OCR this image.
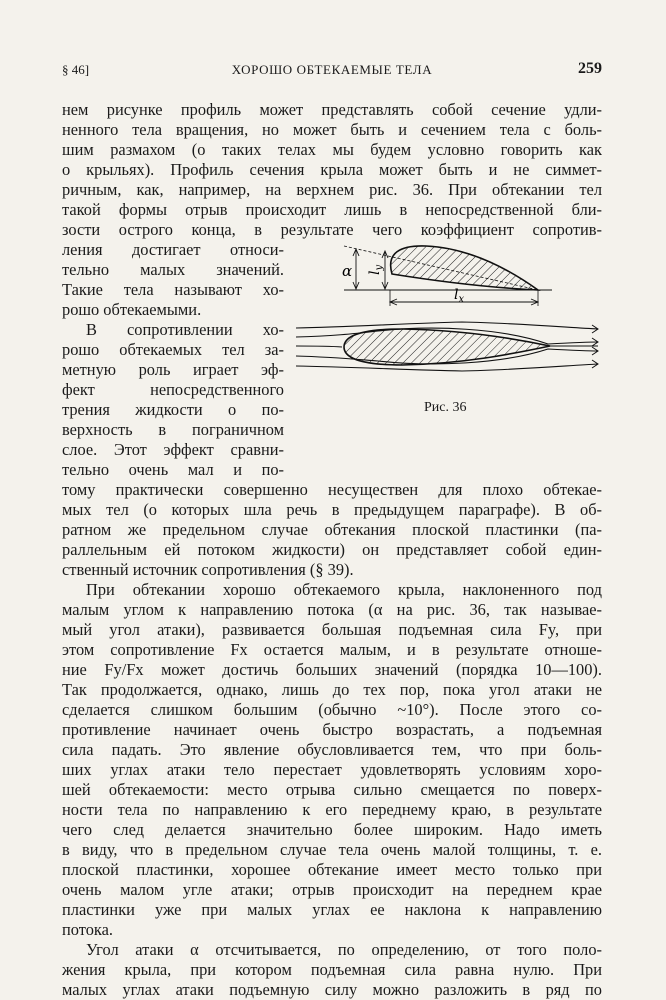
§ 46]	ХОРОШО ОБТЕКАЕМЫЕ ТЕЛА	259
нем рисунке профиль может представлять собой сечение удли-
ненного тела вращения, но может быть и сечением тела с боль-
шим размахом (о таких телах мы будем условно говорить как
о крыльях). Профиль сечения крыла может быть и не симмет-
ричным, как, например, на верхнем рис. 36. При обтекании тел
такой формы отрыв происходит лишь в непосредственной бли-
зости острого конца, в результате чего коэффициент сопротив-
ления достигает относи-
тельно малых значений.
Такие тела называют хо-
рошо обтекаемыми.
В сопротивлении хо-
рошо обтекаемых тел за-
метную роль играет эф-
фект непосредственного
трения жидкости о по-
верхность в пограничном
слое. Этот эффект сравни-
тельно очень мал и по-
тому практически совершенно несуществен для плохо обтекае-
мых тел (о которых шла речь в предыдущем параграфе). В об-
ратном же предельном случае обтекания плоской пластинки (па-
раллельным ей потоком жидкости) он представляет собой един-
ственный источник сопротивления (§ 39).
При обтекании хорошо обтекаемого крыла, наклоненного под
малым углом к направлению потока (α на рис. 36, так называе-
мый угол атаки), развивается большая подъемная сила Fy, при
этом сопротивление Fx остается малым, и в результате отноше-
ние Fy/Fx может достичь больших значений (порядка 10—100).
Так продолжается, однако, лишь до тех пор, пока угол атаки не
сделается слишком большим (обычно ~10°). После этого со-
противление начинает очень быстро возрастать, а подъемная
сила падать. Это явление обусловливается тем, что при боль-
ших углах атаки тело перестает удовлетворять условиям хоро-
шей обтекаемости: место отрыва сильно смещается по поверх-
ности тела по направлению к его переднему краю, в результате
чего след делается значительно более широким. Надо иметь
в виду, что в предельном случае тела очень малой толщины, т. е.
плоской пластинки, хорошее обтекание имеет место только при
очень малом угле атаки; отрыв происходит на переднем крае
пластинки уже при малых углах ее наклона к направлению
потока.
Угол атаки α отсчитывается, по определению, от того поло-
жения крыла, при котором подъемная сила равна нулю. При
малых углах атаки подъемную силу можно разложить в ряд по
α $l_y$
$l_x$
Рис. 36
